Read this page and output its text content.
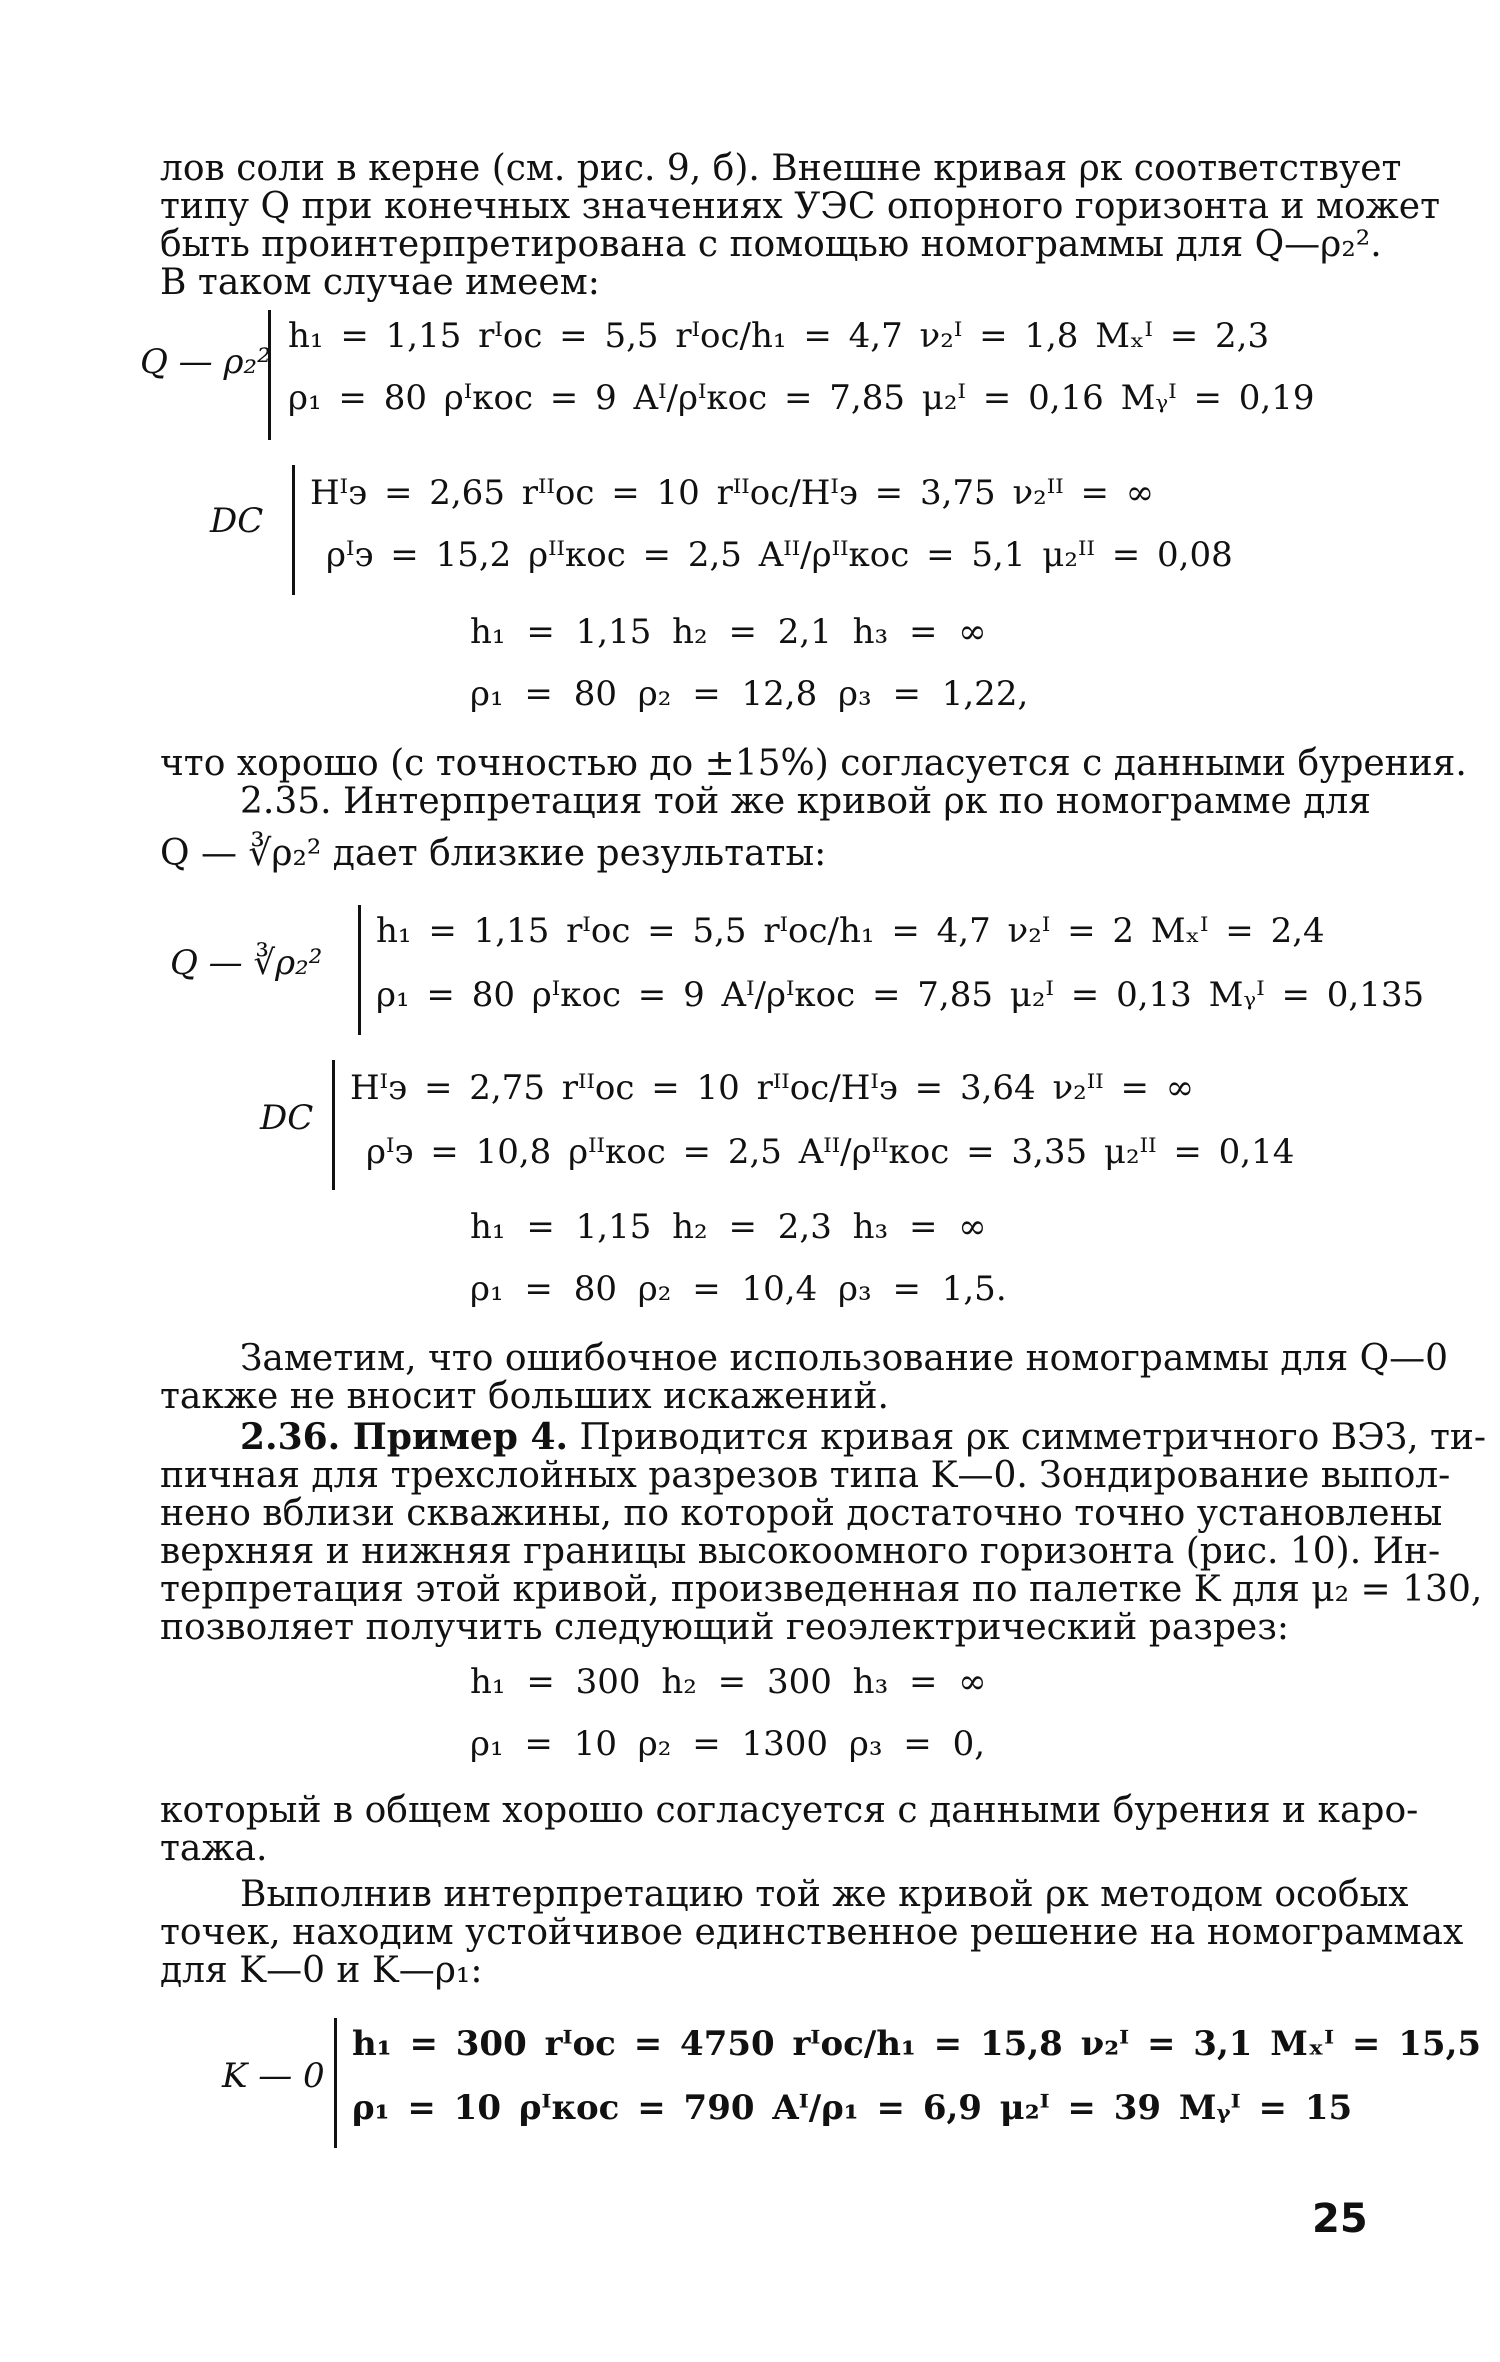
лов соли в керне (см. рис. 9, б). Внешне кривая ρк соответствует
типу Q при конечных значениях УЭС опорного горизонта и может
быть проинтерпретирована с помощью номограммы для Q—ρ₂².
В таком случае имеем:
Q — ρ₂²
h₁ = 1,15 rᴵос = 5,5 rᴵос/h₁ = 4,7 ν₂ᴵ = 1,8 Mₓᴵ = 2,3
ρ₁ = 80 ρᴵкос = 9 Aᴵ/ρᴵкос = 7,85 μ₂ᴵ = 0,16 Mᵧᴵ = 0,19
DC
Hᴵэ = 2,65 rᴵᴵос = 10 rᴵᴵос/Hᴵэ = 3,75 ν₂ᴵᴵ = ∞
ρᴵэ = 15,2 ρᴵᴵкос = 2,5 Aᴵᴵ/ρᴵᴵкос = 5,1 μ₂ᴵᴵ = 0,08
h₁ = 1,15 h₂ = 2,1 h₃ = ∞
ρ₁ = 80 ρ₂ = 12,8 ρ₃ = 1,22,
что хорошо (с точностью до ±15%) согласуется с данными бурения.
2.35. Интерпретация той же кривой ρк по номограмме для
Q — ∛ρ₂² дает близкие результаты:
Q — ∛ρ₂²
h₁ = 1,15 rᴵос = 5,5 rᴵос/h₁ = 4,7 ν₂ᴵ = 2 Mₓᴵ = 2,4
ρ₁ = 80 ρᴵкос = 9 Aᴵ/ρᴵкос = 7,85 μ₂ᴵ = 0,13 Mᵧᴵ = 0,135
DC
Hᴵэ = 2,75 rᴵᴵос = 10 rᴵᴵос/Hᴵэ = 3,64 ν₂ᴵᴵ = ∞
ρᴵэ = 10,8 ρᴵᴵкос = 2,5 Aᴵᴵ/ρᴵᴵкос = 3,35 μ₂ᴵᴵ = 0,14
h₁ = 1,15 h₂ = 2,3 h₃ = ∞
ρ₁ = 80 ρ₂ = 10,4 ρ₃ = 1,5.
Заметим, что ошибочное использование номограммы для Q—0
также не вносит больших искажений.
2.36. Пример 4. Приводится кривая ρк симметричного ВЭЗ, ти-
пичная для трехслойных разрезов типа K—0. Зондирование выпол-
нено вблизи скважины, по которой достаточно точно установлены
верхняя и нижняя границы высокоомного горизонта (рис. 10). Ин-
терпретация этой кривой, произведенная по палетке K для μ₂ = 130,
позволяет получить следующий геоэлектрический разрез:
h₁ = 300 h₂ = 300 h₃ = ∞
ρ₁ = 10 ρ₂ = 1300 ρ₃ = 0,
который в общем хорошо согласуется с данными бурения и каро-
тажа.
Выполнив интерпретацию той же кривой ρк методом особых
точек, находим устойчивое единственное решение на номограммах
для K—0 и K—ρ₁:
K — 0
h₁ = 300 rᴵос = 4750 rᴵос/h₁ = 15,8 ν₂ᴵ = 3,1 Mₓᴵ = 15,5
ρ₁ = 10 ρᴵкос = 790 Aᴵ/ρ₁ = 6,9 μ₂ᴵ = 39 Mᵧᴵ = 15
25
